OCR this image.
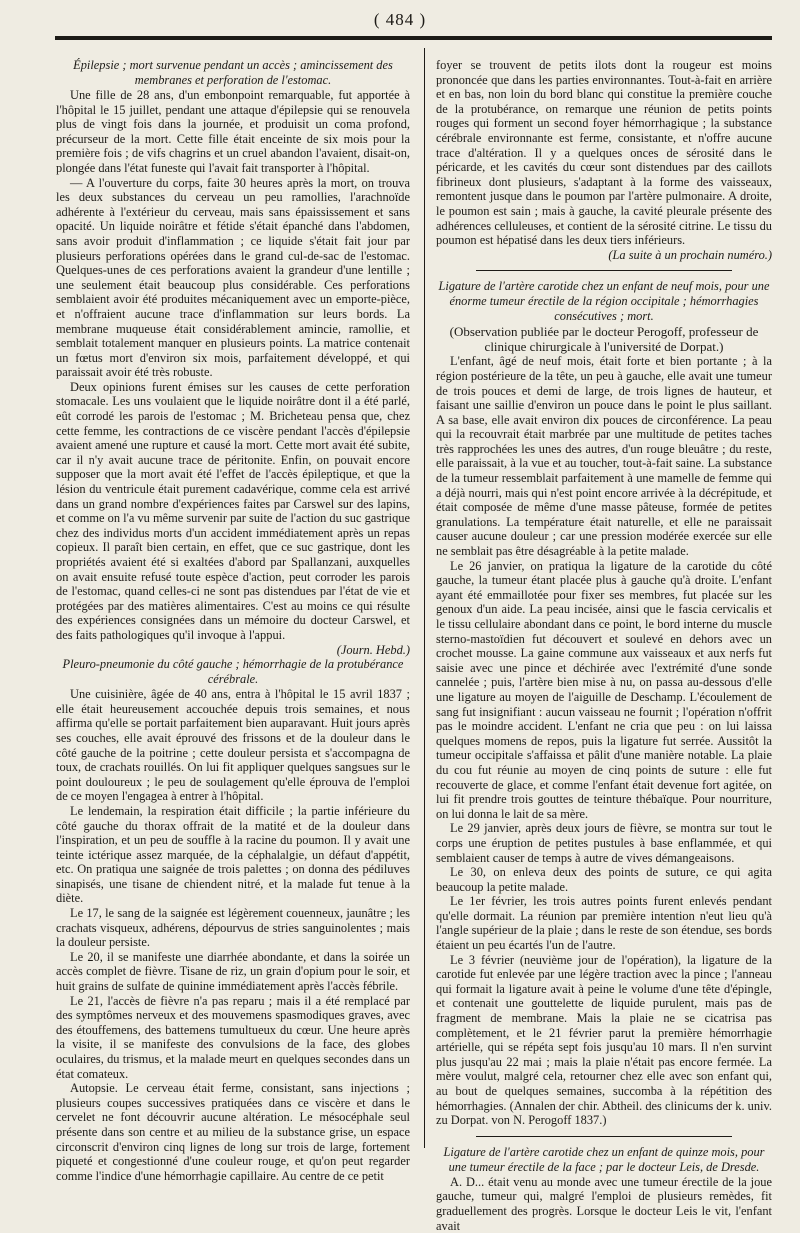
( 484 )

Épilepsie ; mort survenue pendant un accès ; amincissement des membranes et perforation de l'estomac.

Une fille de 28 ans, d'un embonpoint remarquable, fut apportée à l'hôpital le 15 juillet, pendant une attaque d'épilepsie qui se renouvela plus de vingt fois dans la journée, et produisit un coma profond, précurseur de la mort. Cette fille était enceinte de six mois pour la première fois ; de vifs chagrins et un cruel abandon l'avaient, disait-on, plongée dans l'état funeste qui l'avait fait transporter à l'hôpital.

— A l'ouverture du corps, faite 30 heures après la mort, on trouva les deux substances du cerveau un peu ramollies, l'arachnoïde adhérente à l'extérieur du cerveau, mais sans épaississement et sans opacité. Un liquide noirâtre et fétide s'était épanché dans l'abdomen, sans avoir produit d'inflammation ; ce liquide s'était fait jour par plusieurs perforations opérées dans le grand cul-de-sac de l'estomac. Quelques-unes de ces perforations avaient la grandeur d'une lentille ; une seulement était beaucoup plus considérable. Ces perforations semblaient avoir été produites mécaniquement avec un emporte-pièce, et n'offraient aucune trace d'inflammation sur leurs bords. La membrane muqueuse était considérablement amincie, ramollie, et semblait totalement manquer en plusieurs points. La matrice contenait un fœtus mort d'environ six mois, parfaitement développé, et qui paraissait avoir été très robuste.

Deux opinions furent émises sur les causes de cette perforation stomacale. Les uns voulaient que le liquide noirâtre dont il a été parlé, eût corrodé les parois de l'estomac ; M. Bricheteau pensa que, chez cette femme, les contractions de ce viscère pendant l'accès d'épilepsie avaient amené une rupture et causé la mort. Cette mort avait été subite, car il n'y avait aucune trace de péritonite. Enfin, on pouvait encore supposer que la mort avait été l'effet de l'accès épileptique, et que la lésion du ventricule était purement cadavérique, comme cela est arrivé dans un grand nombre d'expériences faites par Carswel sur des lapins, et comme on l'a vu même survenir par suite de l'action du suc gastrique chez des individus morts d'un accident immédiatement après un repas copieux. Il paraît bien certain, en effet, que ce suc gastrique, dont les propriétés avaient été si exaltées d'abord par Spallanzani, auxquelles on avait ensuite refusé toute espèce d'action, peut corroder les parois de l'estomac, quand celles-ci ne sont pas distendues par l'état de vie et protégées par des matières alimentaires. C'est au moins ce qui résulte des expériences consignées dans un mémoire du docteur Carswel, et des faits pathologiques qu'il invoque à l'appui.

(Journ. Hebd.)

Pleuro-pneumonie du côté gauche ; hémorrhagie de la protubérance cérébrale.

Une cuisinière, âgée de 40 ans, entra à l'hôpital le 15 avril 1837 ; elle était heureusement accouchée depuis trois semaines, et nous affirma qu'elle se portait parfaitement bien auparavant. Huit jours après ses couches, elle avait éprouvé des frissons et de la douleur dans le côté gauche de la poitrine ; cette douleur persista et s'accompagna de toux, de crachats rouillés. On lui fit appliquer quelques sangsues sur le point douloureux ; le peu de soulagement qu'elle éprouva de l'emploi de ce moyen l'engagea à entrer à l'hôpital.

Le lendemain, la respiration était difficile ; la partie inférieure du côté gauche du thorax offrait de la matité et de la douleur dans l'inspiration, et un peu de souffle à la racine du poumon. Il y avait une teinte ictérique assez marquée, de la céphalalgie, un défaut d'appétit, etc. On pratiqua une saignée de trois palettes ; on donna des pédiluves sinapisés, une tisane de chiendent nitré, et la malade fut tenue à la diète.

Le 17, le sang de la saignée est légèrement couenneux, jaunâtre ; les crachats visqueux, adhérens, dépourvus de stries sanguinolentes ; mais la douleur persiste.

Le 20, il se manifeste une diarrhée abondante, et dans la soirée un accès complet de fièvre. Tisane de riz, un grain d'opium pour le soir, et huit grains de sulfate de quinine immédiatement après l'accès fébrile.

Le 21, l'accès de fièvre n'a pas reparu ; mais il a été remplacé par des symptômes nerveux et des mouvemens spasmodiques graves, avec des étouffemens, des battemens tumultueux du cœur. Une heure après la visite, il se manifeste des convulsions de la face, des globes oculaires, du trismus, et la malade meurt en quelques secondes dans un état comateux.

Autopsie. Le cerveau était ferme, consistant, sans injections ; plusieurs coupes successives pratiquées dans ce viscère et dans le cervelet ne font découvrir aucune altération. Le mésocéphale seul présente dans son centre et au milieu de la substance grise, un espace circonscrit d'environ cinq lignes de long sur trois de large, fortement piqueté et congestionné d'une couleur rouge, et qu'on peut regarder comme l'indice d'une hémorrhagie capillaire. Au centre de ce petit

foyer se trouvent de petits ilots dont la rougeur est moins prononcée que dans les parties environnantes. Tout-à-fait en arrière et en bas, non loin du bord blanc qui constitue la première couche de la protubérance, on remarque une réunion de petits points rouges qui forment un second foyer hémorrhagique ; la substance cérébrale environnante est ferme, consistante, et n'offre aucune trace d'altération. Il y a quelques onces de sérosité dans le péricarde, et les cavités du cœur sont distendues par des caillots fibrineux dont plusieurs, s'adaptant à la forme des vaisseaux, remontent jusque dans le poumon par l'artère pulmonaire. A droite, le poumon est sain ; mais à gauche, la cavité pleurale présente des adhérences celluleuses, et contient de la sérosité citrine. Le tissu du poumon est hépatisé dans les deux tiers inférieurs.

(La suite à un prochain numéro.)

Ligature de l'artère carotide chez un enfant de neuf mois, pour une énorme tumeur érectile de la région occipitale ; hémorrhagies consécutives ; mort.

(Observation publiée par le docteur Perogoff, professeur de clinique chirurgicale à l'université de Dorpat.)

L'enfant, âgé de neuf mois, était forte et bien portante ; à la région postérieure de la tête, un peu à gauche, elle avait une tumeur de trois pouces et demi de large, de trois lignes de hauteur, et faisant une saillie d'environ un pouce dans le point le plus saillant. A sa base, elle avait environ dix pouces de circonférence. La peau qui la recouvrait était marbrée par une multitude de petites taches très rapprochées les unes des autres, d'un rouge bleuâtre ; du reste, elle paraissait, à la vue et au toucher, tout-à-fait saine. La substance de la tumeur ressemblait parfaitement à une mamelle de femme qui a déjà nourri, mais qui n'est point encore arrivée à la décrépitude, et était composée de même d'une masse pâteuse, formée de petites granulations. La température était naturelle, et elle ne paraissait causer aucune douleur ; car une pression modérée exercée sur elle ne semblait pas être désagréable à la petite malade.

Le 26 janvier, on pratiqua la ligature de la carotide du côté gauche, la tumeur étant placée plus à gauche qu'à droite. L'enfant ayant été emmaillotée pour fixer ses membres, fut placée sur les genoux d'un aide. La peau incisée, ainsi que le fascia cervicalis et le tissu cellulaire abondant dans ce point, le bord interne du muscle sterno-mastoïdien fut découvert et soulevé en dehors avec un crochet mousse. La gaine commune aux vaisseaux et aux nerfs fut saisie avec une pince et déchirée avec l'extrémité d'une sonde cannelée ; puis, l'artère bien mise à nu, on passa au-dessous d'elle une ligature au moyen de l'aiguille de Deschamp. L'écoulement de sang fut insignifiant : aucun vaisseau ne fournit ; l'opération n'offrit pas le moindre accident. L'enfant ne cria que peu : on lui laissa quelques momens de repos, puis la ligature fut serrée. Aussitôt la tumeur occipitale s'affaissa et pâlit d'une manière notable. La plaie du cou fut réunie au moyen de cinq points de suture : elle fut recouverte de glace, et comme l'enfant était devenue fort agitée, on lui fit prendre trois gouttes de teinture thébaïque. Pour nourriture, on lui donna le lait de sa mère.

Le 29 janvier, après deux jours de fièvre, se montra sur tout le corps une éruption de petites pustules à base enflammée, et qui semblaient causer de temps à autre de vives démangeaisons.

Le 30, on enleva deux des points de suture, ce qui agita beaucoup la petite malade.

Le 1er février, les trois autres points furent enlevés pendant qu'elle dormait. La réunion par première intention n'eut lieu qu'à l'angle supérieur de la plaie ; dans le reste de son étendue, ses bords étaient un peu écartés l'un de l'autre.

Le 3 février (neuvième jour de l'opération), la ligature de la carotide fut enlevée par une légère traction avec la pince ; l'anneau qui formait la ligature avait à peine le volume d'une tête d'épingle, et contenait une gouttelette de liquide purulent, mais pas de fragment de membrane. Mais la plaie ne se cicatrisa pas complètement, et le 21 février parut la première hémorrhagie artérielle, qui se répéta sept fois jusqu'au 10 mars. Il n'en survint plus jusqu'au 22 mai ; mais la plaie n'était pas encore fermée. La mère voulut, malgré cela, retourner chez elle avec son enfant qui, au bout de quelques semaines, succomba à la répétition des hémorrhagies. (Annalen der chir. Abtheil. des clinicums der k. univ. zu Dorpat. von N. Perogoff 1837.)

Ligature de l'artère carotide chez un enfant de quinze mois, pour une tumeur érectile de la face ; par le docteur Leis, de Dresde.

A. D... était venu au monde avec une tumeur érectile de la joue gauche, tumeur qui, malgré l'emploi de plusieurs remèdes, fit graduellement des progrès. Lorsque le docteur Leis le vit, l'enfant avait
